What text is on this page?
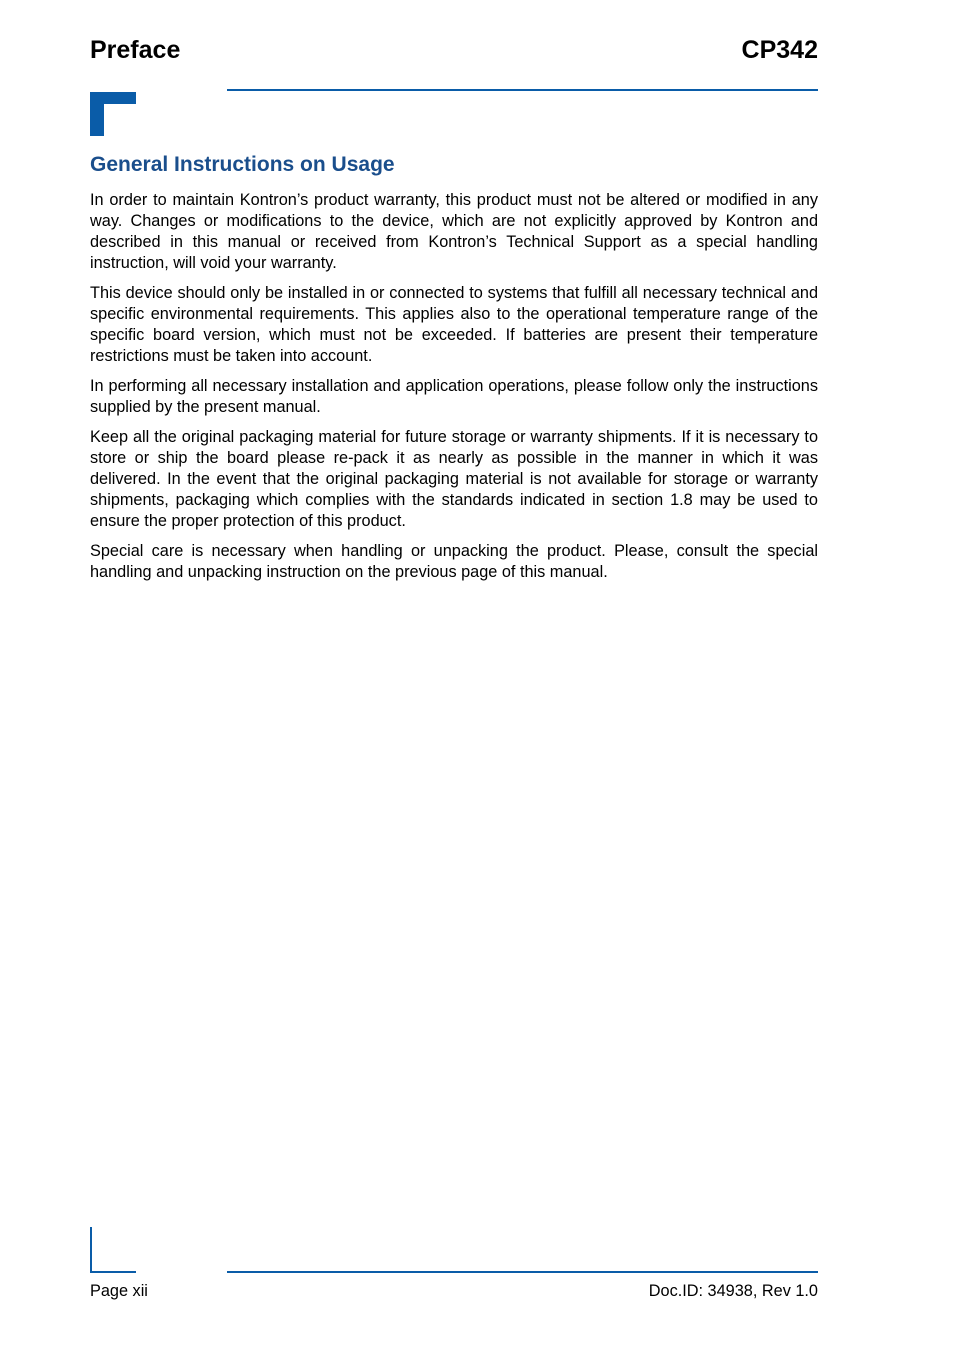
Preface	CP342
General Instructions on Usage

In order to maintain Kontron’s product warranty, this product must not be altered or modified in any way. Changes or modifications to the device, which are not explicitly approved by Kontron and described in this manual or received from Kontron’s Technical Support as a special handling instruction, will void your warranty.

This device should only be installed in or connected to systems that fulfill all necessary technical and specific environmental requirements. This applies also to the operational temperature range of the specific board version, which must not be exceeded. If batteries are present their temperature restrictions must be taken into account.

In performing all necessary installation and application operations, please follow only the instructions supplied by the present manual.

Keep all the original packaging material for future storage or warranty shipments. If it is necessary to store or ship the board please re-pack it as nearly as possible in the manner in which it was delivered. In the event that the original packaging material is not available for storage or warranty shipments, packaging which complies with the standards indicated in section 1.8 may be used to ensure the proper protection of this product.

Special care is necessary when handling or unpacking the product. Please, consult the special handling and unpacking instruction on the previous page of this manual.

Page xii	Doc.ID: 34938, Rev 1.0
